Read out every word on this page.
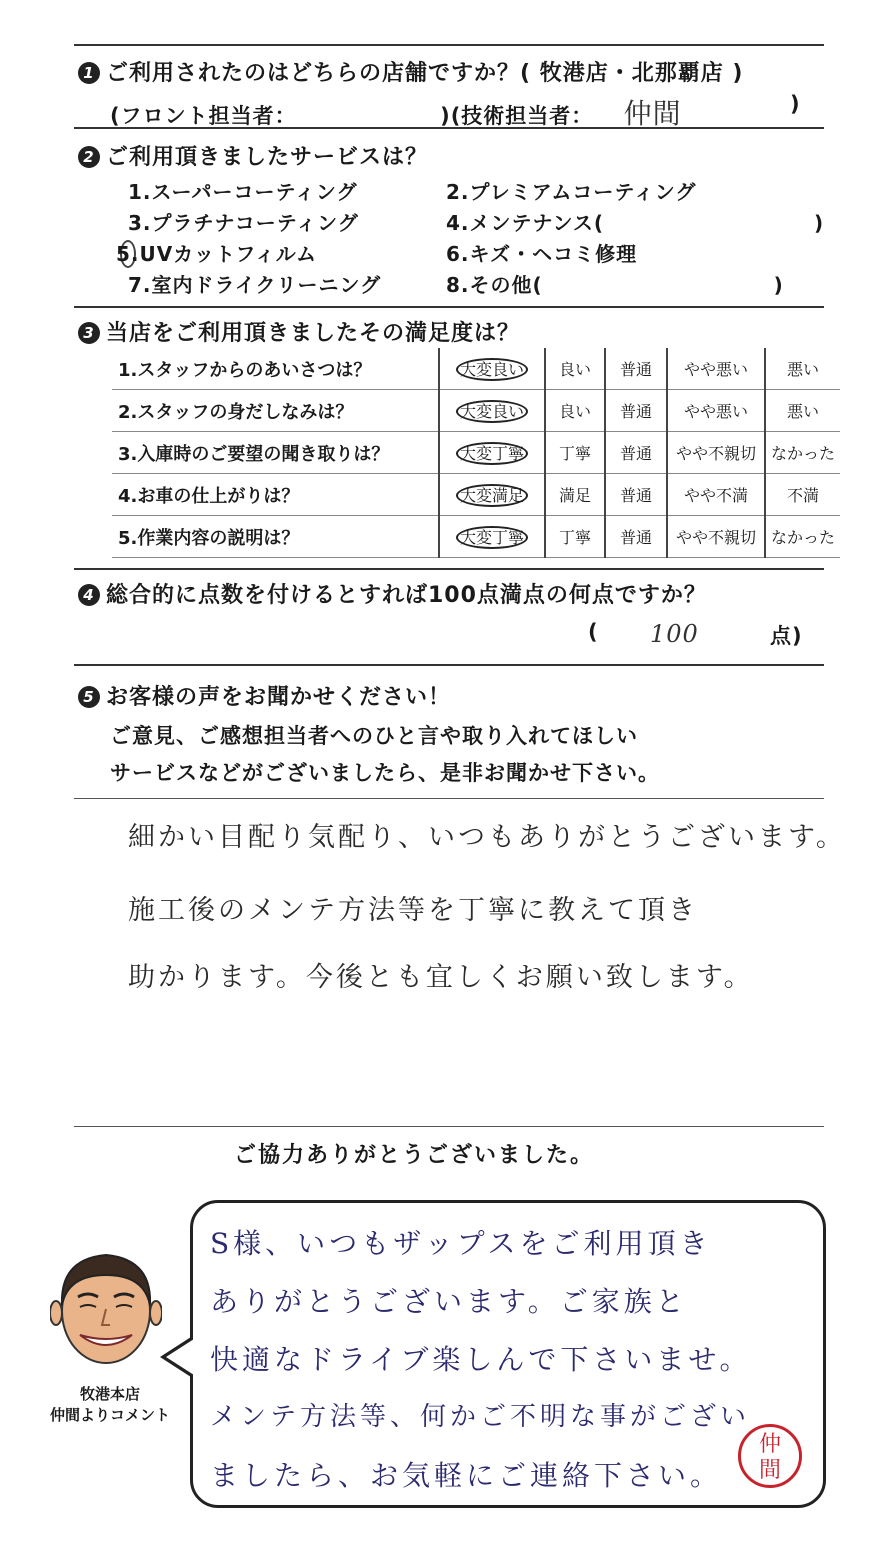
1 ご利用されたのはどちらの店舗ですか？( 牧港店・北那覇店 )
(フロント担当者：　　　　　　　)(技術担当者： 仲間	)
2 ご利用頂きましたサービスは？
1.スーパーコーティング	2.プレミアムコーティング
3.プラチナコーティング	4.メンテナンス(　　　　　　　　　　)
5.UVカットフィルム	6.キズ・ヘコミ修理
7.室内ドライクリーニング	8.その他(　　　　　　　　　　　)
3 当店をご利用頂きましたその満足度は？
1.スタッフからのあいさつは？	大変良い	良い	普通	やや悪い	悪い
2.スタッフの身だしなみは？	大変良い	良い	普通	やや悪い	悪い
3.入庫時のご要望の聞き取りは？	大変丁寧	丁寧	普通	やや不親切	なかった
4.お車の仕上がりは？	大変満足	満足	普通	やや不満	不満
5.作業内容の説明は？	大変丁寧	丁寧	普通	やや不親切	なかった
4 総合的に点数を付けるとすれば100点満点の何点ですか？
( 100	点)
5 お客様の声をお聞かせください！
ご意見、ご感想担当者へのひと言や取り入れてほしい
サービスなどがございましたら、是非お聞かせ下さい。
細かい目配り気配り、いつもありがとうございます。
施工後のメンテ方法等を丁寧に教えて頂き
助かります。今後とも宜しくお願い致します。
ご協力ありがとうございました。
牧港本店
仲間よりコメント
S様、いつもザップスをご利用頂き
ありがとうございます。ご家族と
快適なドライブ楽しんで下さいませ。
メンテ方法等、何かご不明な事がござい
ましたら、お気軽にご連絡下さい。
仲
間
